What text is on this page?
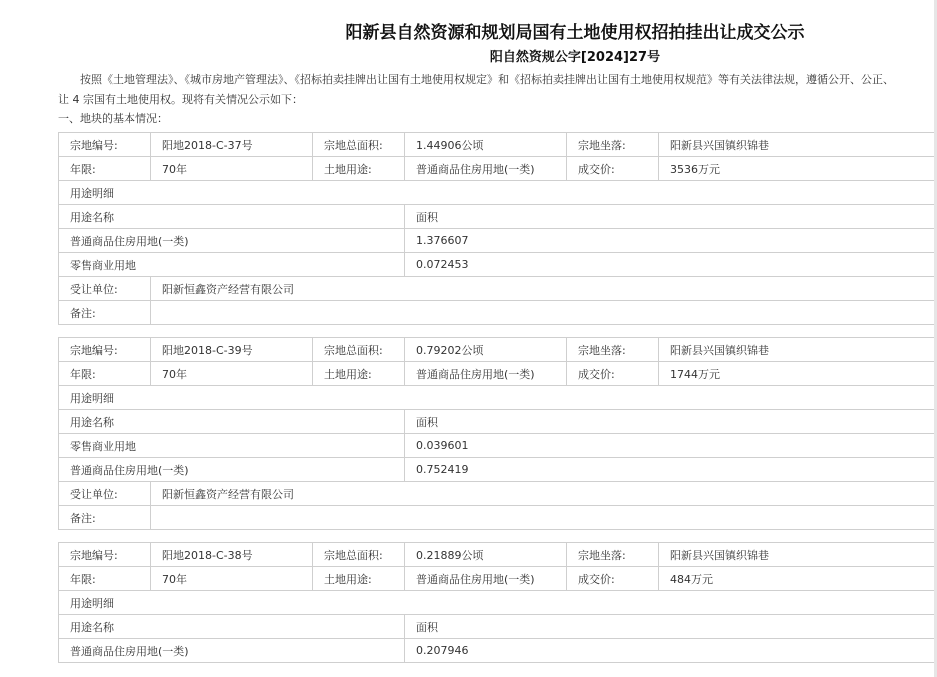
阳新县自然资源和规划局国有土地使用权招拍挂出让成交公示
阳自然资规公字[2024]27号
按照《土地管理法》、《城市房地产管理法》、《招标拍卖挂牌出让国有土地使用权规定》和《招标拍卖挂牌出让国有土地使用权规范》等有关法律法规，遵循公开、公正、
让 4 宗国有土地使用权。现将有关情况公示如下：
一、地块的基本情况：
宗地编号:	阳地2018-C-37号	宗地总面积:	1.44906公顷	宗地坐落:	阳新县兴国镇织锦巷
年限:	70年	土地用途:	普通商品住房用地(一类)	成交价:	3536万元
用途明细					
用途名称			面积		
普通商品住房用地(一类)			1.376607		
零售商业用地			0.072453		
受让单位:	阳新恒鑫资产经营有限公司				
备注:					
宗地编号:	阳地2018-C-39号	宗地总面积:	0.79202公顷	宗地坐落:	阳新县兴国镇织锦巷
年限:	70年	土地用途:	普通商品住房用地(一类)	成交价:	1744万元
用途明细					
用途名称			面积		
零售商业用地			0.039601		
普通商品住房用地(一类)			0.752419		
受让单位:	阳新恒鑫资产经营有限公司				
备注:					
宗地编号:	阳地2018-C-38号	宗地总面积:	0.21889公顷	宗地坐落:	阳新县兴国镇织锦巷
年限:	70年	土地用途:	普通商品住房用地(一类)	成交价:	484万元
用途明细					
用途名称			面积		
普通商品住房用地(一类)			0.207946		
